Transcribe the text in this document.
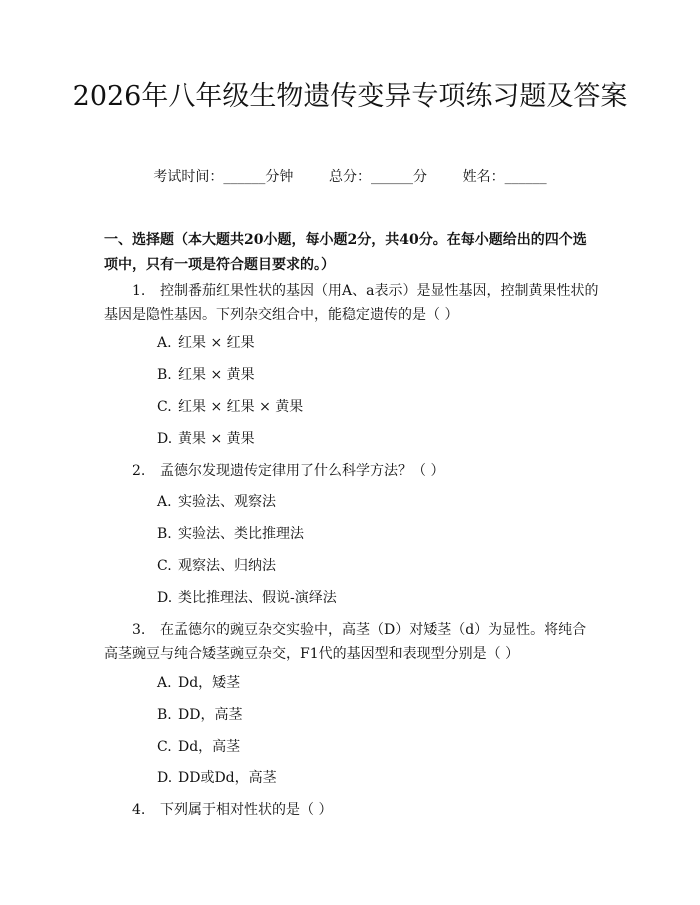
2026年八年级生物遗传变异专项练习题及答案
考试时间：______分钟	总分：______分	姓名：______
一、选择题（本大题共20小题，每小题2分，共40分。在每小题给出的四个选项中，只有一项是符合题目要求的。）
1. 控制番茄红果性状的基因（用A、a表示）是显性基因，控制黄果性状的基因是隐性基因。下列杂交组合中，能稳定遗传的是（ ）
A. 红果 × 红果
B. 红果 × 黄果
C. 红果 × 红果 × 黄果
D. 黄果 × 黄果
2. 孟德尔发现遗传定律用了什么科学方法？（ ）
A. 实验法、观察法
B. 实验法、类比推理法
C. 观察法、归纳法
D. 类比推理法、假说-演绎法
3. 在孟德尔的豌豆杂交实验中，高茎（D）对矮茎（d）为显性。将纯合高茎豌豆与纯合矮茎豌豆杂交，F1代的基因型和表现型分别是（ ）
A. Dd，矮茎
B. DD，高茎
C. Dd，高茎
D. DD或Dd，高茎
4. 下列属于相对性状的是（ ）
